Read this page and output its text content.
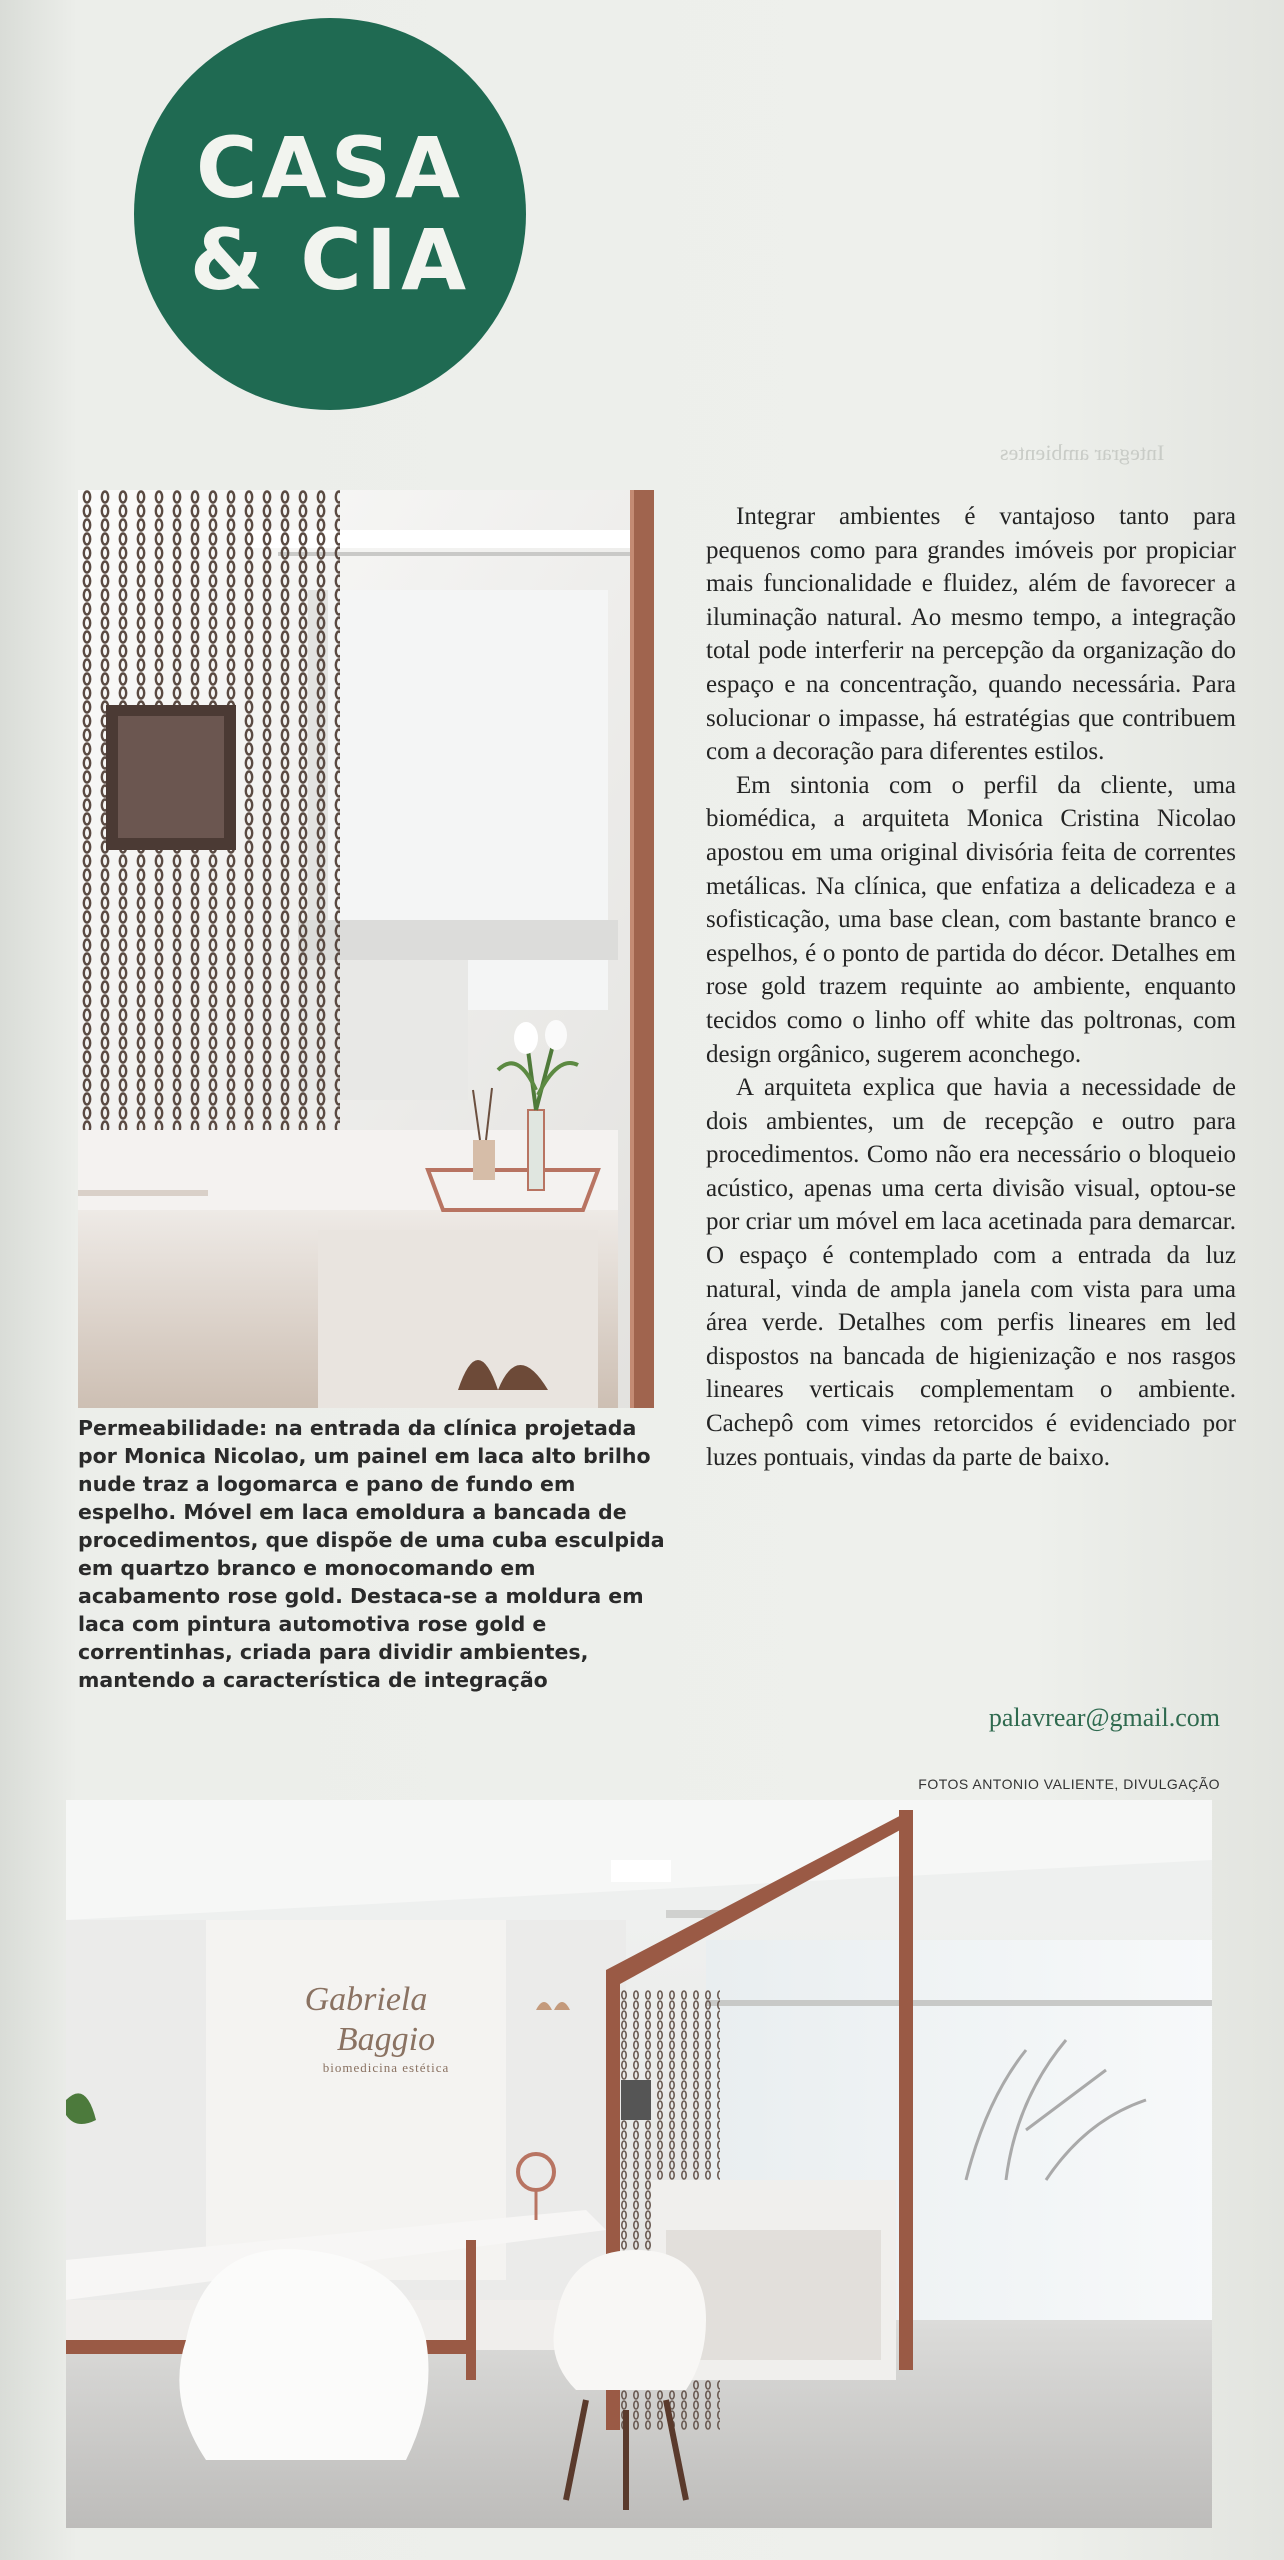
Integrar ambientes
CASA
& CIA
Permeabilidade: na entrada da clínica projetada por Monica Nicolao, um painel em laca alto brilho nude traz a logomarca e pano de fundo em espelho. Móvel em laca emoldura a bancada de procedimentos, que dispõe de uma cuba esculpida em quartzo branco e monocomando em acabamento rose gold. Destaca-se a moldura em laca com pintura automotiva rose gold e correntinhas, criada para dividir ambientes, mantendo a característica de integração

Integrar ambientes é vantajoso tanto para pequenos como para grandes imóveis por propiciar mais funcionalidade e fluidez, além de favorecer a iluminação natural. Ao mesmo tempo, a integração total pode interferir na percepção da organização do espaço e na concentração, quando necessária. Para solucionar o impasse, há estratégias que contribuem com a decoração para diferentes estilos.

Em sintonia com o perfil da cliente, uma biomédica, a arquiteta Monica Cristina Nicolao apostou em uma original divisória feita de correntes metálicas. Na clínica, que enfatiza a delicadeza e a sofisticação, uma base clean, com bastante branco e espelhos, é o ponto de partida do décor. Detalhes em rose gold trazem requinte ao ambiente, enquanto tecidos como o linho off white das poltronas, com design orgânico, sugerem aconchego.

A arquiteta explica que havia a necessidade de dois ambientes, um de recepção e outro para procedimentos. Como não era necessário o bloqueio acústico, apenas uma certa divisão visual, optou-se por criar um móvel em laca acetinada para demarcar. O espaço é contemplado com a entrada da luz natural, vinda de ampla janela com vista para uma área verde. Detalhes com perfis lineares em led dispostos na bancada de higienização e nos rasgos lineares verticais complementam o ambiente. Cachepô com vimes retorcidos é evidenciado por luzes pontuais, vindas da parte de baixo.

palavrear@gmail.com
FOTOS ANTONIO VALIENTE, DIVULGAÇÃO
Gabriela
Baggio
biomedicina estética
